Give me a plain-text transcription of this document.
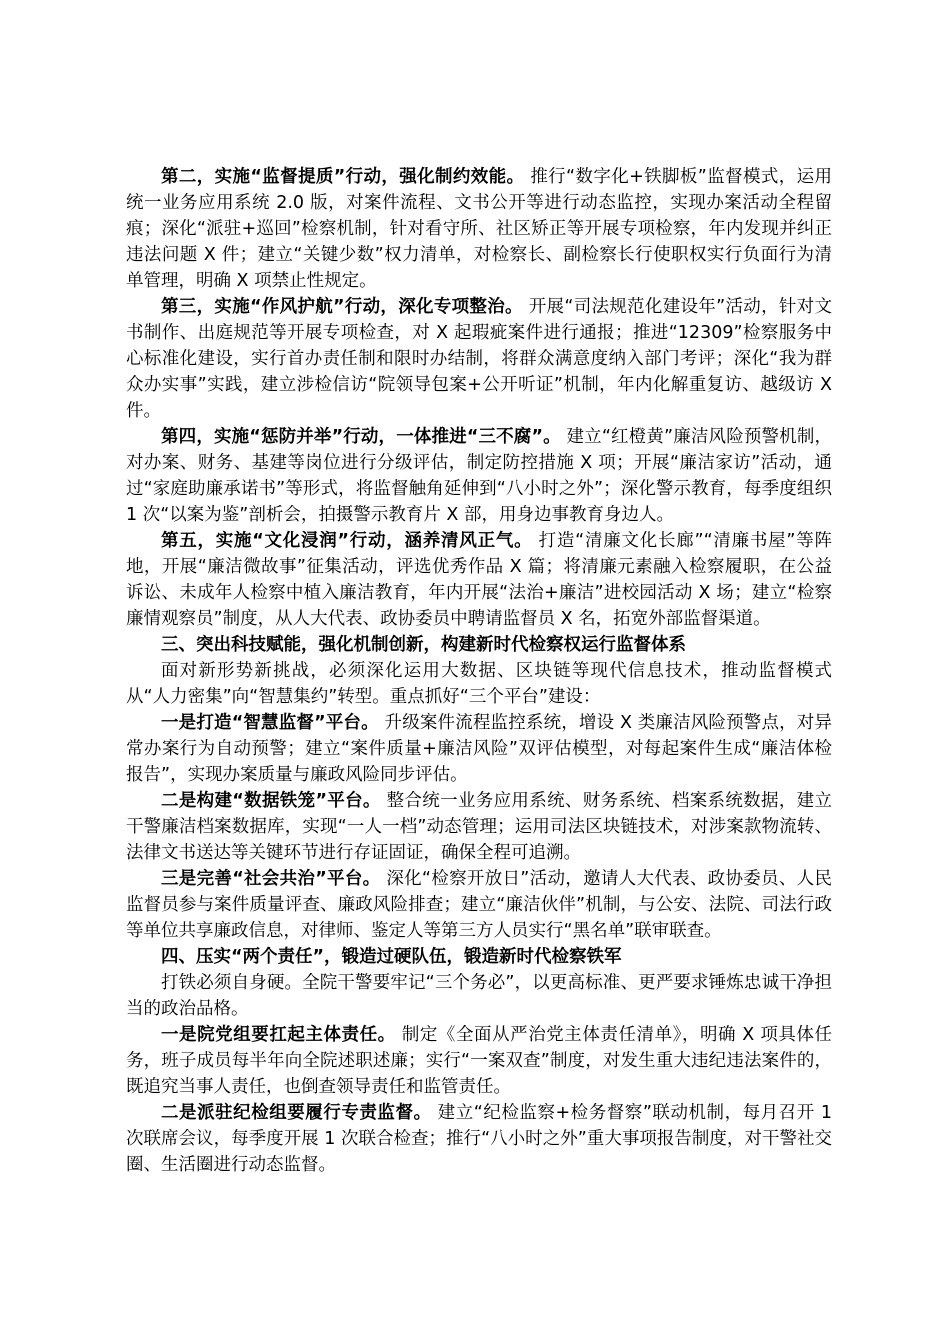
第二，实施“监督提质”行动，强化制约效能。 推行“数字化+铁脚板”监督模式，运用统一业务应用系统 2.0 版，对案件流程、文书公开等进行动态监控，实现办案活动全程留痕；深化“派驻+巡回”检察机制，针对看守所、社区矫正等开展专项检察，年内发现并纠正违法问题 X 件；建立“关键少数”权力清单，对检察长、副检察长行使职权实行负面行为清单管理，明确 X 项禁止性规定。

第三，实施“作风护航”行动，深化专项整治。 开展“司法规范化建设年”活动，针对文书制作、出庭规范等开展专项检查，对 X 起瑕疵案件进行通报；推进“12309”检察服务中心标准化建设，实行首办责任制和限时办结制，将群众满意度纳入部门考评；深化“我为群众办实事”实践，建立涉检信访“院领导包案+公开听证”机制，年内化解重复访、越级访 X 件。

第四，实施“惩防并举”行动，一体推进“三不腐”。 建立“红橙黄”廉洁风险预警机制，对办案、财务、基建等岗位进行分级评估，制定防控措施 X 项；开展“廉洁家访”活动，通过“家庭助廉承诺书”等形式，将监督触角延伸到“八小时之外”；深化警示教育，每季度组织 1 次“以案为鉴”剖析会，拍摄警示教育片 X 部，用身边事教育身边人。

第五，实施“文化浸润”行动，涵养清风正气。 打造“清廉文化长廊”“清廉书屋”等阵地，开展“廉洁微故事”征集活动，评选优秀作品 X 篇；将清廉元素融入检察履职，在公益诉讼、未成年人检察中植入廉洁教育，年内开展“法治+廉洁”进校园活动 X 场；建立“检察廉情观察员”制度，从人大代表、政协委员中聘请监督员 X 名，拓宽外部监督渠道。

三、突出科技赋能，强化机制创新，构建新时代检察权运行监督体系

面对新形势新挑战，必须深化运用大数据、区块链等现代信息技术，推动监督模式从“人力密集”向“智慧集约”转型。重点抓好“三个平台”建设：

一是打造“智慧监督”平台。 升级案件流程监控系统，增设 X 类廉洁风险预警点，对异常办案行为自动预警；建立“案件质量+廉洁风险”双评估模型，对每起案件生成“廉洁体检报告”，实现办案质量与廉政风险同步评估。

二是构建“数据铁笼”平台。 整合统一业务应用系统、财务系统、档案系统数据，建立干警廉洁档案数据库，实现“一人一档”动态管理；运用司法区块链技术，对涉案款物流转、法律文书送达等关键环节进行存证固证，确保全程可追溯。

三是完善“社会共治”平台。 深化“检察开放日”活动，邀请人大代表、政协委员、人民监督员参与案件质量评查、廉政风险排查；建立“廉洁伙伴”机制，与公安、法院、司法行政等单位共享廉政信息，对律师、鉴定人等第三方人员实行“黑名单”联审联查。

四、压实“两个责任”，锻造过硬队伍，锻造新时代检察铁军

打铁必须自身硬。全院干警要牢记“三个务必”，以更高标准、更严要求锤炼忠诚干净担当的政治品格。

一是院党组要扛起主体责任。 制定《全面从严治党主体责任清单》，明确 X 项具体任务，班子成员每半年向全院述职述廉；实行“一案双查”制度，对发生重大违纪违法案件的，既追究当事人责任，也倒查领导责任和监管责任。

二是派驻纪检组要履行专责监督。 建立“纪检监察+检务督察”联动机制，每月召开 1 次联席会议，每季度开展 1 次联合检查；推行“八小时之外”重大事项报告制度，对干警社交圈、生活圈进行动态监督。
